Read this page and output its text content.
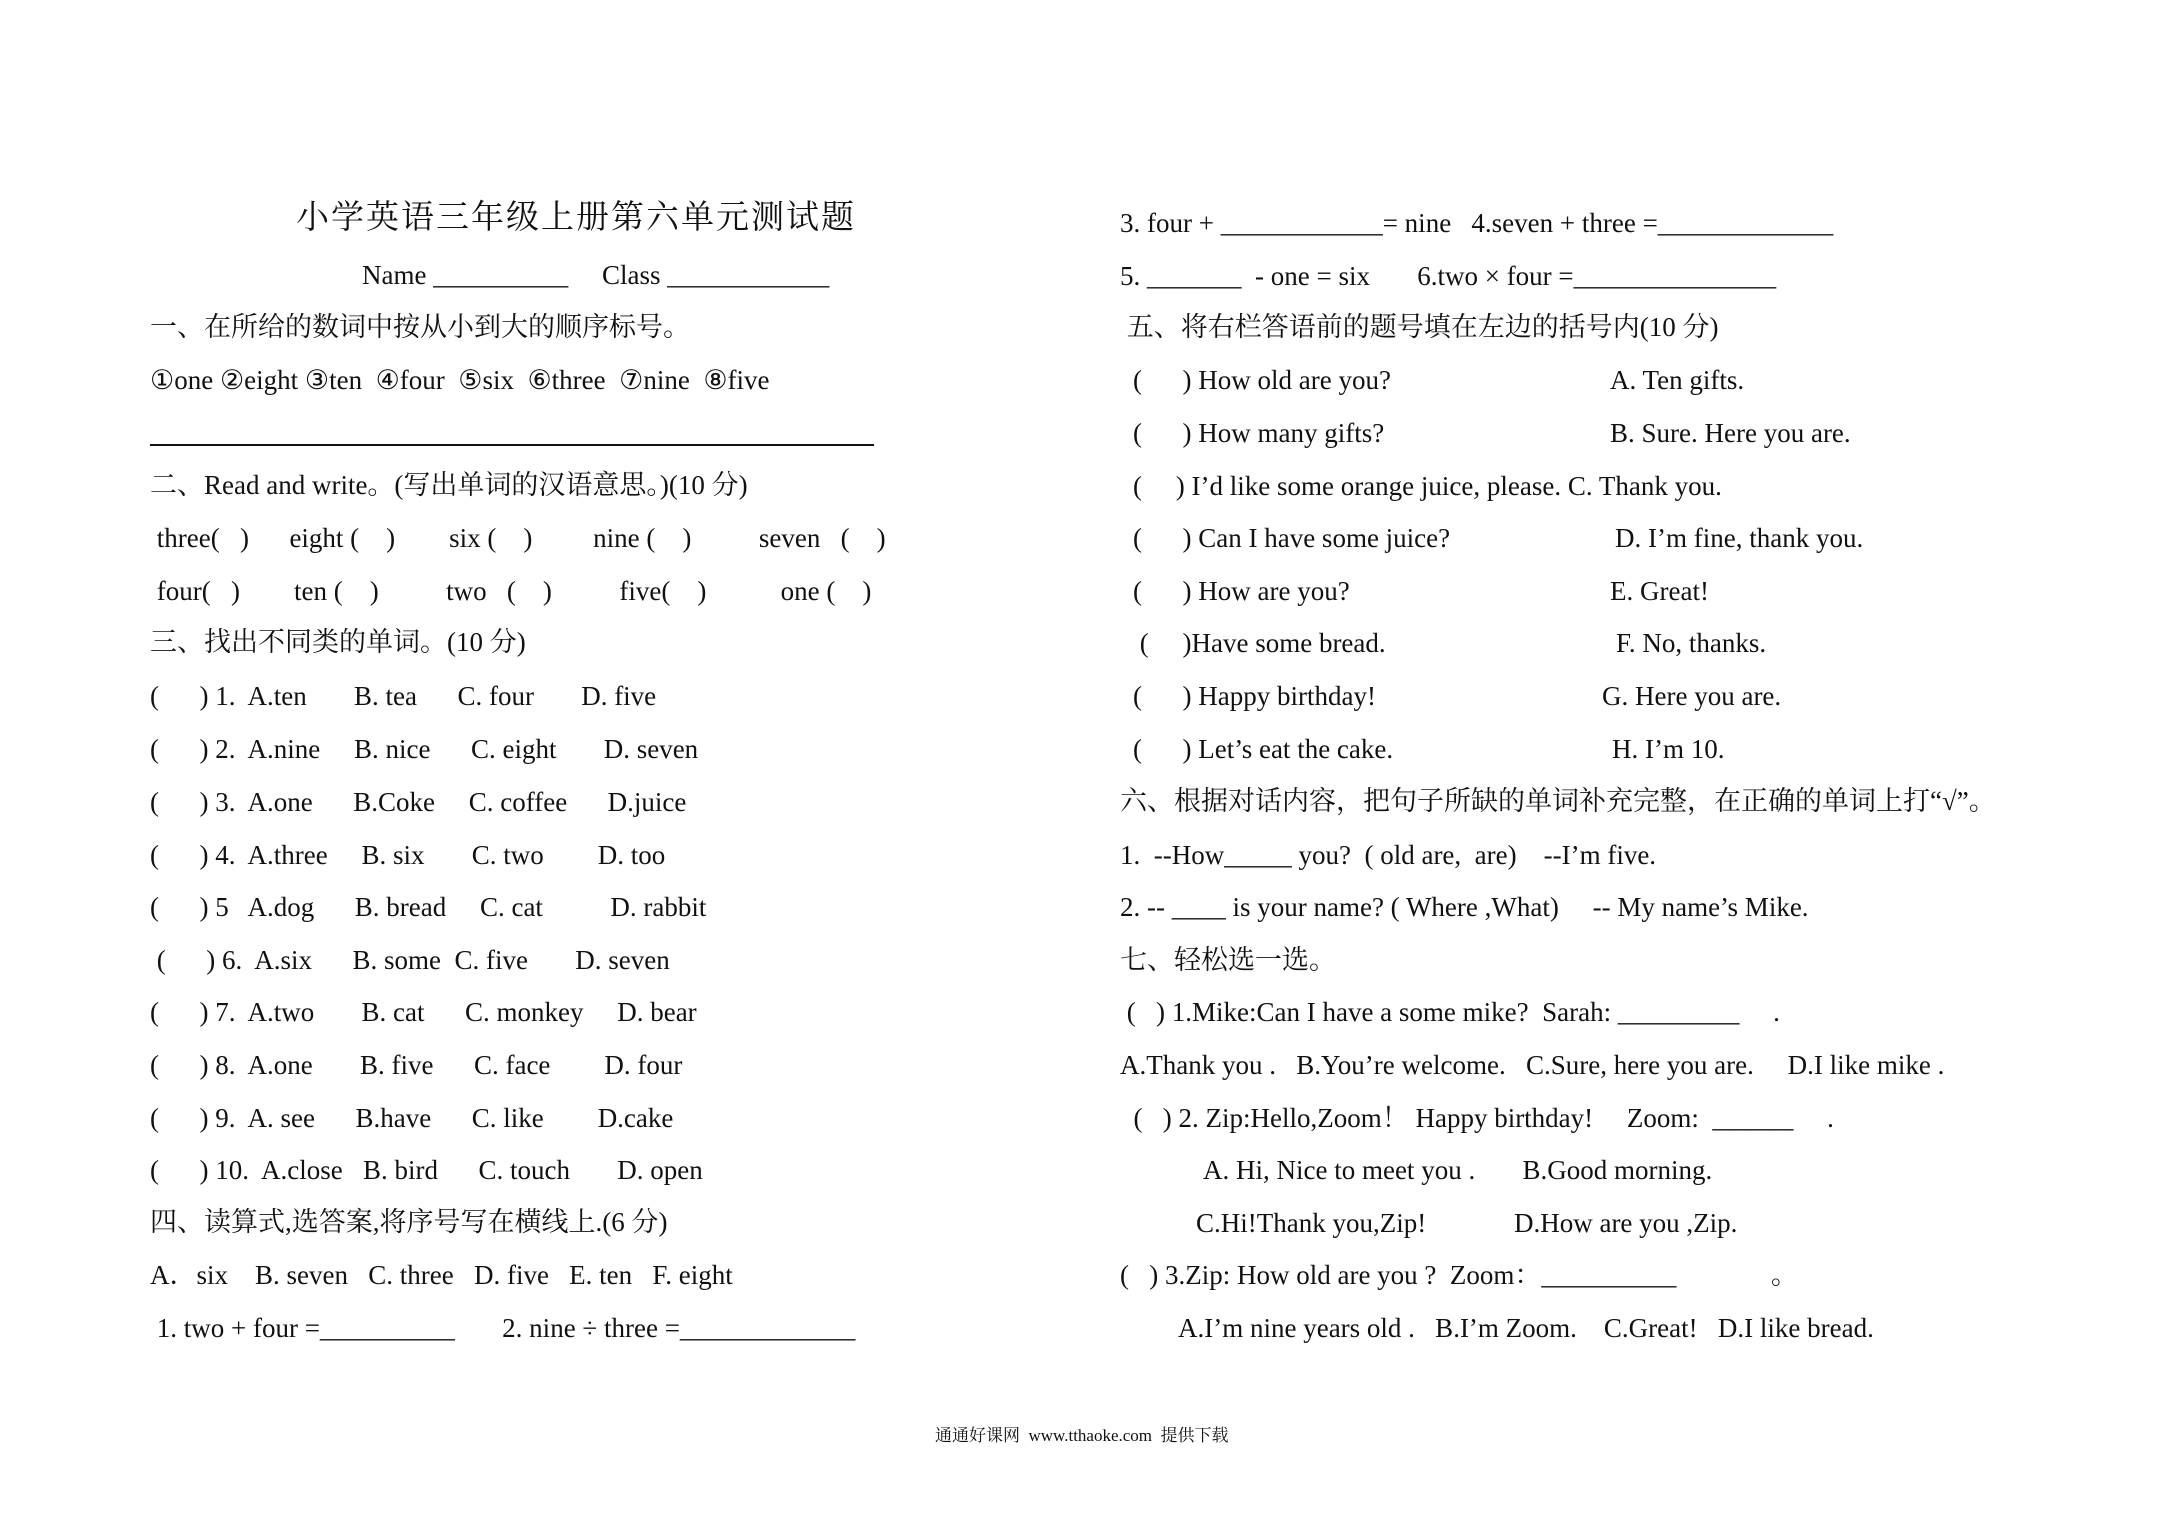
小学英语三年级上册第六单元测试题
Name __________     Class ____________
一、在所给的数词中按从小到大的顺序标号。
①one ②eight ③ten  ④four  ⑤six  ⑥three  ⑦nine  ⑧five
二、Read and write。(写出单词的汉语意思。)(10 分)
three(   )      eight (    )        six (    )         nine (    )          seven   (    )
four(   )        ten (    )          two   (    )          five(    )           one (    )
三、找出不同类的单词。(10 分)
(      ) 1.  A.ten       B. tea      C. four       D. five
(      ) 2.  A.nine     B. nice      C. eight       D. seven
(      ) 3.  A.one      B.Coke     C. coffee      D.juice
(      ) 4.  A.three     B. six       C. two        D. too
(      ) 5   A.dog      B. bread     C. cat          D. rabbit
(      ) 6.  A.six      B. some  C. five       D. seven
(      ) 7.  A.two       B. cat      C. monkey     D. bear
(      ) 8.  A.one       B. five      C. face        D. four
(      ) 9.  A. see      B.have      C. like        D.cake
(      ) 10.  A.close   B. bird      C. touch       D. open
四、读算式,选答案,将序号写在横线上.(6 分)
A．six    B. seven   C. three   D. five   E. ten   F. eight
1. two + four =__________       2. nine ÷ three =_____________
3. four + ____________= nine   4.seven + three =_____________
5. _______  - one = six       6.two × four =_______________
五、将右栏答语前的题号填在左边的括号内(10 分)
(      ) How old are you?	A. Ten gifts.
(      ) How many gifts?	B. Sure. Here you are.
(     ) I’d like some orange juice, please. C. Thank you.
(      ) Can I have some juice?	D. I’m fine, thank you.
(      ) How are you?	E. Great!
(     )Have some bread.	F. No, thanks.
(      ) Happy birthday!	G. Here you are.
(      ) Let’s eat the cake.	H. I’m 10.
六、根据对话内容，把句子所缺的单词补充完整，在正确的单词上打“√”。
1.  --How_____ you?  ( old are,  are)    --I’m five.
2. -- ____ is your name? ( Where ,What)     -- My name’s Mike.
七、轻松选一选。
(   ) 1.Mike:Can I have a some mike?  Sarah: _________     .
A.Thank you .   B.You’re welcome.   C.Sure, here you are.     D.I like mike .
(   ) 2. Zip:Hello,Zoom！ Happy birthday!     Zoom:  ______     .
A. Hi, Nice to meet you .       B.Good morning.
C.Hi!Thank you,Zip!             D.How are you ,Zip.
(   ) 3.Zip: How old are you ?  Zoom：__________              。
A.I’m nine years old .   B.I’m Zoom.    C.Great!   D.I like bread.
通通好课网  www.tthaoke.com  提供下载
